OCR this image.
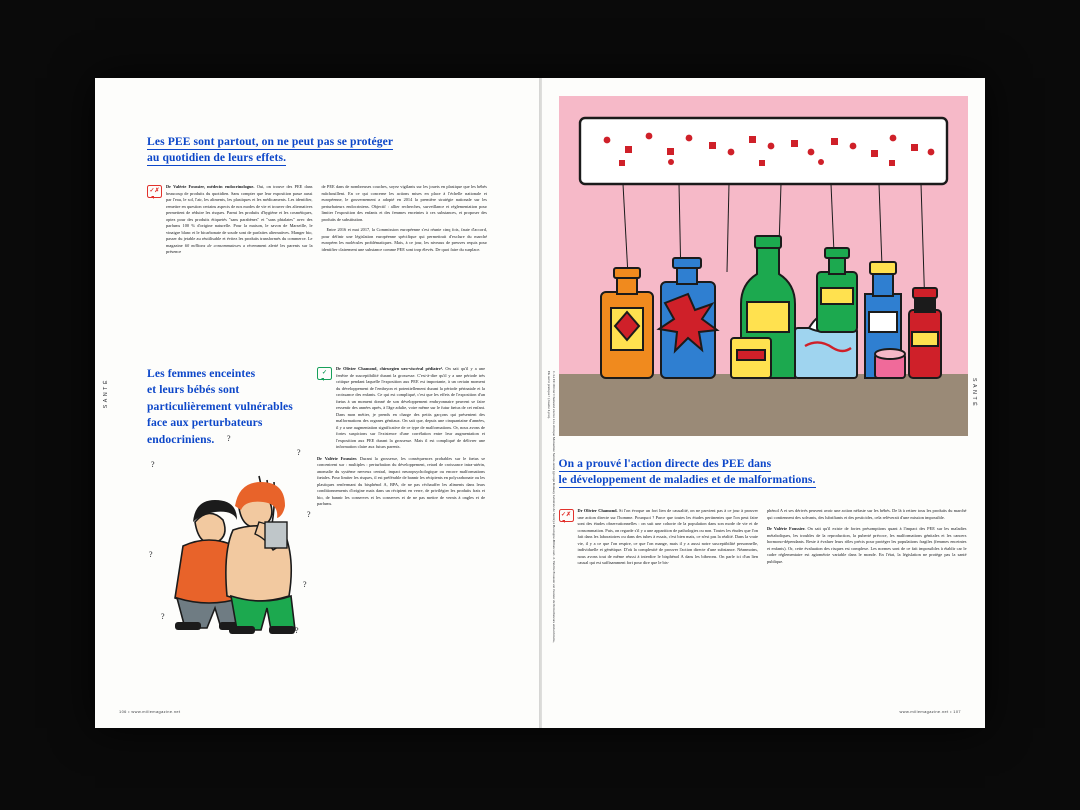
SANTÉ
Les PEE sont partout, on ne peut pas se protéger
au quotidien de leurs effets.
✓✗
Dr Valérie Foussier, médecin endocrinologue. Oui, on trouve des PEE dans beaucoup de produits du quotidien. Sans compter que leur exposition passe aussi par l'eau, le sol, l'air, les aliments, les plastiques et les médicaments. Les identifier, remettre en question certains aspects de nos modes de vie et trouver des alternatives permettent de réduire les risques. Parmi les produits d'hygiène et les cosmétiques, optez pour des produits étiquetés "sans parabènes" et "sans phtalates" avec des parfums 100 % d'origine naturelle. Pour la maison, le savon de Marseille, le vinaigre blanc et le bicarbonate de soude sont de parfaites alternatives. Manger bio, passer du jetable au réutilisable et évitez les produits transformés du commerce. Le magazine 60 millions de consommateurs a récemment alerté les parents sur la présence
de PEE dans de nombreuses couches, soyez vigilants sur les jouets en plastique que les bébés mâchouillent. En ce qui concerne les actions mises en place à l'échelle nationale et européenne, le gouvernement a adopté en 2014 la première stratégie nationale sur les perturbateurs endocriniens. Objectif : allier recherches, surveillance et réglementation pour limiter l'exposition des enfants et des femmes enceintes à ces substances, et proposer des produits de substitution.
Entre 2016 et mai 2017, la Commission européenne s'est réunie cinq fois, faute d'accord, pour définir une législation européenne spécifique qui permettrait d'exclure du marché européen les molécules problématiques. Mais, à ce jour, les niveaux de preuves requis pour identifier clairement une substance comme PEE sont trop élevés. De quoi faire du surplace.
Les femmes enceintes
et leurs bébés sont
particulièrement vulnérables
face aux perturbateurs
endocriniens.
✓
Dr Olivier Chamond, chirurgien uro-viscéral pédiatre². On sait qu'il y a une fenêtre de susceptibilité durant la grossesse. C'est-à-dire qu'il y a une période très critique pendant laquelle l'exposition aux PEE est importante, à un certain moment du développement de l'embryon et potentiellement durant la période périnatale et la croissance des enfants. Ce qui est compliqué, c'est que les effets de l'exposition d'un fœtus à un moment donné de son développement embryonnaire peuvent se faire ressentir des années après, à l'âge adulte, voire même sur le futur fœtus de cet enfant. Dans mon métier, je prends en charge des petits garçons qui présentent des malformations des organes génitaux. On sait que, depuis une cinquantaine d'années, il y a une augmentation significative de ce type de malformations. Or, nous avons de fortes suspicions sur l'existence d'une corrélation entre leur augmentation et l'exposition aux PEE durant la grossesse. Mais il est compliqué de délivrer une information claire aux futurs parents.
Dr Valérie Foussier. Durant la grossesse, les conséquences probables sur le fœtus se concentrent sur : multiples : perturbation du développement, retard de croissance intra-utérin, anomalie du système nerveux central, impact neuropsychologique ou encore malformations fœtales. Pour limiter les risques, il est préférable de bannir les récipients en polycarbonate ou les plastiques renfermant du bisphénol A, BPA, de ne pas réchauffer les aliments dans leurs conditionnements d'origine mais dans un récipient en verre, de privilégier les produits frais et bio, de bannir les conserves et les conserves et de ne pas mettre de vernis à ongles et de parfums.
?
?
?
?
?
?
?
?
106 • www.millemagazine.net
SANTÉ
On a prouvé l'action directe des PEE dans
le développement de maladies et de malformations.
✓✗
Dr Olivier Chamond. Si l'on évoque un fort lien de causalité, on ne parvient pas à ce jour à prouver une action directe sur l'homme. Pourquoi ? Parce que toutes les études pertinentes que l'on peut faire sont des études observationnelles : on suit une cohorte de la population dans son mode de vie et de consommation. Puis, on regarde s'il y a une apparition de pathologies ou non. Toutes les études que l'on fait dans les laboratoires ou dans des tubes à essais, c'est bien mais, ce n'est pas la réalité. Dans la vraie vie, il y a ce que l'on respire, ce que l'on mange, mais il y a aussi notre susceptibilité personnelle, individuelle et génétique. D'où la complexité de prouver l'action directe d'une substance. Néanmoins, nous avons tout de même réussi à interdire le bisphénol A dans les biberons. On parle ici d'un lien causal qui est suffisamment fort pour dire que le bis-
phénol A et ses dérivés peuvent avoir une action néfaste sur les bébés. De là à retirer tous les produits du marché qui contiennent des solvants, des lubrifiants et des pesticides, cela relèverait d'une mission impossible.
Dr Valérie Foussier. On sait qu'il existe de fortes présomptions quant à l'impact des PEE sur les maladies métaboliques, les troubles de la reproduction, la puberté précoce, les malformations génitales et les cancers hormono-dépendants. Reste à évaluer leurs rôles précis pour protéger les populations fragiles (femmes enceintes et enfants). Or, cette évaluation des risques est complexe. Les normes sont de ce fait impossibles à établir car le cadre réglementaire est agiométrie variable dans le monde. En l'état, la législation ne protège pas la santé publique.
www.millemagazine.net • 107
1. Le Dr Olivier Chamond exerce à la clinique Mutualiste Sainte-Anne (groupe Ramsay Générale de Santé) à Boulogne-Billancourt. 2. Valérie Foussier est l'auteur de Perturbateurs endocriniens, Du suivi pratique ! (Josette Lyon).
